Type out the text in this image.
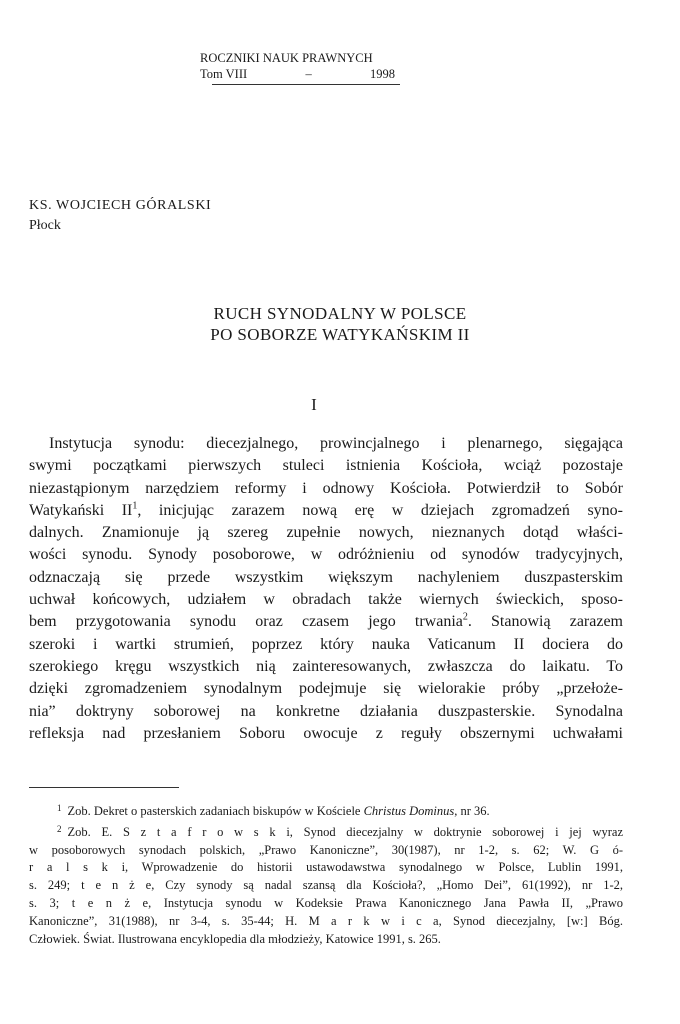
ROCZNIKI NAUK PRAWNYCH
Tom VIII	–	1998
KS. WOJCIECH GÓRALSKI
Płock
RUCH SYNODALNY W POLSCE
PO SOBORZE WATYKAŃSKIM II
I
Instytucja synodu: diecezjalnego, prowincjalnego i plenarnego, sięgająca
swymi początkami pierwszych stuleci istnienia Kościoła, wciąż pozostaje
niezastąpionym narzędziem reformy i odnowy Kościoła. Potwierdził to Sobór
Watykański $II^1$, inicjując zarazem nową erę w dziejach zgromadzeń syno-
dalnych. Znamionuje ją szereg zupełnie nowych, nieznanych dotąd właści-
wości synodu. Synody posoborowe, w odróżnieniu od synodów tradycyjnych,
odznaczają się przede wszystkim większym nachyleniem duszpasterskim
uchwał końcowych, udziałem w obradach także wiernych świeckich, sposo-
bem przygotowania synodu oraz czasem jego trwania$^2$. Stanowią zarazem
szeroki i wartki strumień, poprzez który nauka Vaticanum II dociera do
szerokiego kręgu wszystkich nią zainteresowanych, zwłaszcza do laikatu. To
dzięki zgromadzeniem synodalnym podejmuje się wielorakie próby „przełoże-
nia” doktryny soborowej na konkretne działania duszpasterskie. Synodalna
refleksja nad przesłaniem Soboru owocuje z reguły obszernymi uchwałami
$^1$ Zob. Dekret o pasterskich zadaniach biskupów w Kościele Christus Dominus, nr 36.
$^2$ Zob. E. S z t a f r o w s k i, Synod diecezjalny w doktrynie soborowej i jej wyraz
w posoborowych synodach polskich, „Prawo Kanoniczne”, 30(1987), nr 1-2, s. 62; W. G ó-
r a l s k i, Wprowadzenie do historii ustawodawstwa synodalnego w Polsce, Lublin 1991,
s. 249; t e n ż e, Czy synody są nadal szansą dla Kościoła?, „Homo Dei”, 61(1992), nr 1-2,
s. 3; t e n ż e, Instytucja synodu w Kodeksie Prawa Kanonicznego Jana Pawła II, „Prawo
Kanoniczne”, 31(1988), nr 3-4, s. 35-44; H. M a r k w i c a, Synod diecezjalny, [w:] Bóg.
Człowiek. Świat. Ilustrowana encyklopedia dla młodzieży, Katowice 1991, s. 265.
